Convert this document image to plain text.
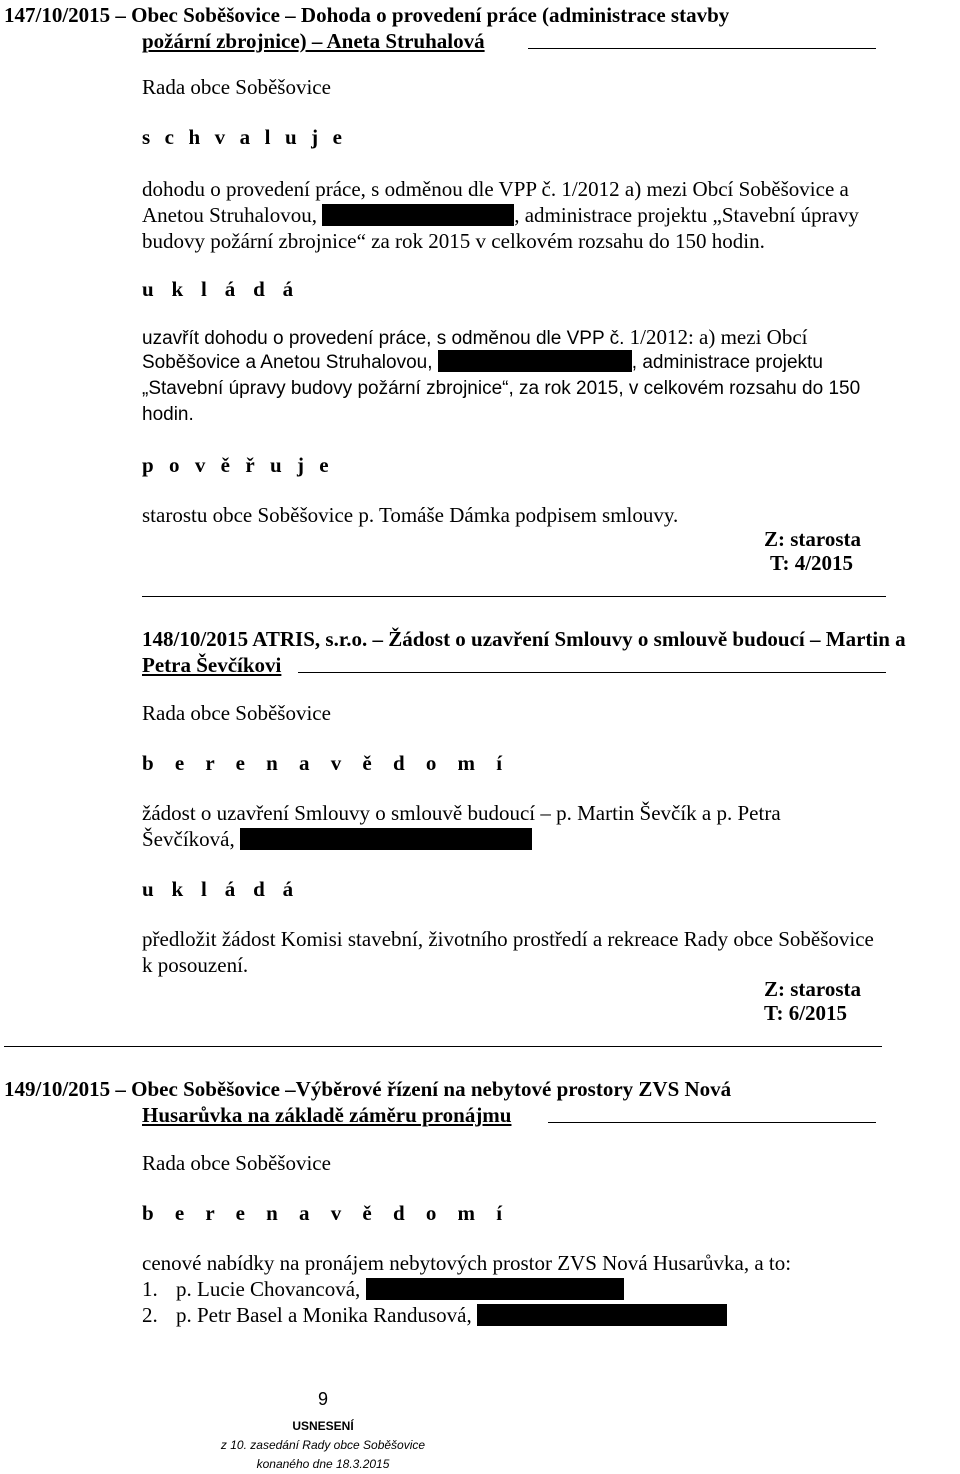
147/10/2015 – Obec Soběšovice – Dohoda o provedení práce (administrace stavby
požární zbrojnice) – Aneta Struhalová
Rada obce Soběšovice
s c h v a l u j e
dohodu o provedení práce, s odměnou dle VPP č. 1/2012 a) mezi Obcí Soběšovice a
Anetou Struhalovou,	, administrace projektu „Stavební úpravy
budovy požární zbrojnice“ za rok 2015 v celkovém rozsahu do 150 hodin.
u k l á d á
uzavřít dohodu o provedení práce, s odměnou dle VPP č. 1/2012: a) mezi Obcí
Soběšovice a Anetou Struhalovou,	, administrace projektu
„Stavební úpravy budovy požární zbrojnice“, za rok 2015, v celkovém rozsahu do 150
hodin.
p o v ě ř u j e
starostu obce Soběšovice p. Tomáše Dámka podpisem smlouvy.
Z: starosta
T: 4/2015
148/10/2015 ATRIS, s.r.o. – Žádost o uzavření Smlouvy o smlouvě budoucí – Martin a
Petra Ševčíkovi
Rada obce Soběšovice
b e r e n a v ě d o m í
žádost o uzavření Smlouvy o smlouvě budoucí – p. Martin Ševčík a p. Petra
Ševčíková,
u k l á d á
předložit žádost Komisi stavební, životního prostředí a rekreace Rady obce Soběšovice
k posouzení.
Z: starosta
T: 6/2015
149/10/2015 – Obec Soběšovice –Výběrové řízení na nebytové prostory ZVS Nová
Husarůvka na základě záměru pronájmu
Rada obce Soběšovice
b e r e n a v ě d o m í
cenové nabídky na pronájem nebytových prostor ZVS Nová Husarůvka, a to:
1. p. Lucie Chovancová,
2. p. Petr Basel a Monika Randusová,
9
USNESENÍ
z 10. zasedání Rady obce Soběšovice
konaného dne 18.3.2015
